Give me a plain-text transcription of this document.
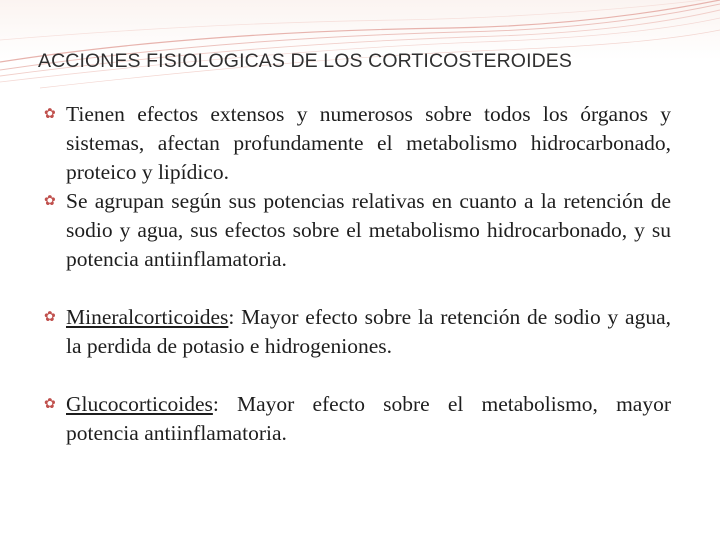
ACCIONES FISIOLOGICAS DE LOS CORTICOSTEROIDES

✿ Tienen efectos extensos y numerosos sobre todos los órganos y sistemas, afectan profundamente el metabolismo hidrocarbonado, proteico y lipídico.

✿ Se agrupan según sus potencias relativas en cuanto a la retención de sodio y agua, sus efectos sobre el metabolismo hidrocarbonado, y su potencia antiinflamatoria.

✿ Mineralcorticoides: Mayor efecto sobre la retención de sodio y agua, la perdida de potasio e hidrogeniones.

✿ Glucocorticoides: Mayor efecto sobre el metabolismo, mayor potencia antiinflamatoria.
